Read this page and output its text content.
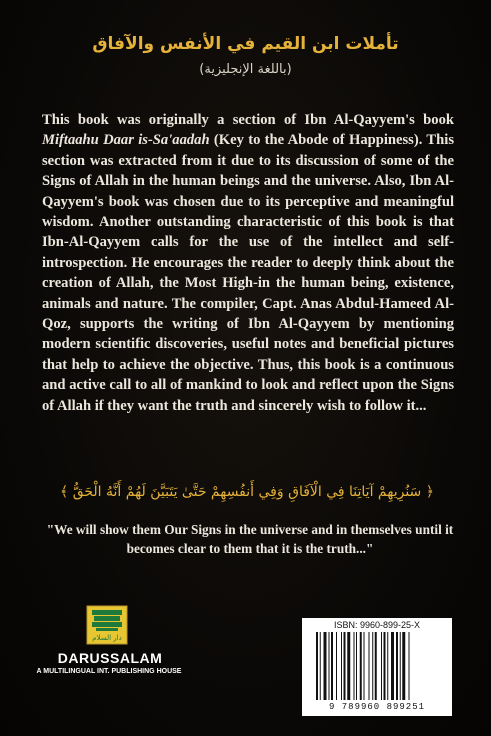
تأملات ابن القيم في الأنفس والآفاق
(باللغة الإنجليزية)
This book was originally a section of Ibn Al-Qayyem's book Miftaahu Daar is-Sa'aadah (Key to the Abode of Happiness). This section was extracted from it due to its discussion of some of the Signs of Allah in the human beings and the universe. Also, Ibn Al-Qayyem's book was chosen due to its perceptive and meaningful wisdom. Another outstanding characteristic of this book is that Ibn-Al-Qayyem calls for the use of the intellect and self-introspection. He encourages the reader to deeply think about the creation of Allah, the Most High-in the human being, existence, animals and nature. The compiler, Capt. Anas Abdul-Hameed Al-Qoz, supports the writing of Ibn Al-Qayyem by mentioning modern scientific discoveries, useful notes and beneficial pictures that help to achieve the objective. Thus, this book is a continuous and active call to all of mankind to look and reflect upon the Signs of Allah if they want the truth and sincerely wish to follow it...
﴿ سَنُرِيهِمْ آيَاتِنَا فِي الْآفَاقِ وَفِي أَنفُسِهِمْ حَتَّىٰ يَتَبَيَّنَ لَهُمْ أَنَّهُ الْحَقُّ ﴾
"We will show them Our Signs in the universe and in themselves until it becomes clear to them that it is the truth..."
دار السلام
DARUSSALAM
A MULTILINGUAL INT. PUBLISHING HOUSE
ISBN: 9960-899-25-X
9 789960 899251
